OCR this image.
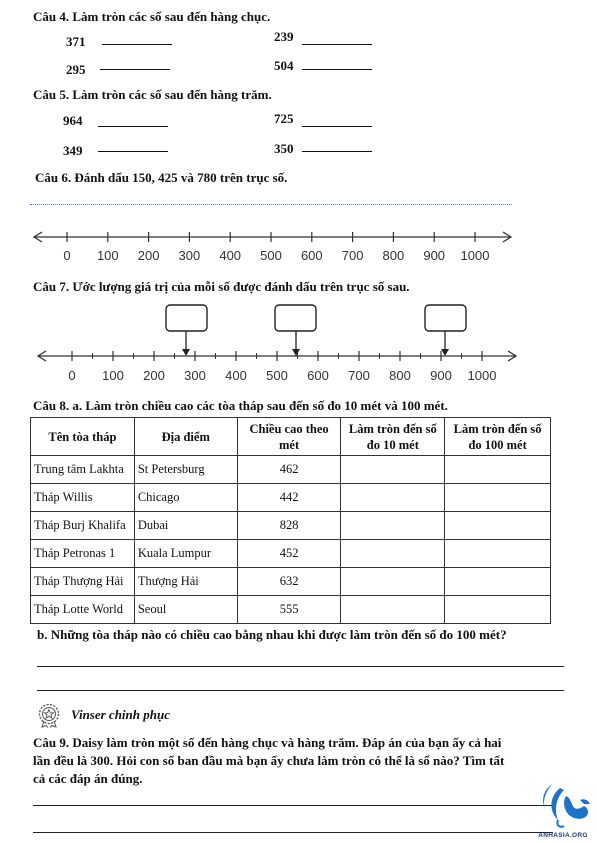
Câu 4. Làm tròn các số sau đến hàng chục.
371	239
295	504
Câu 5. Làm tròn các số sau đến hàng trăm.
964	725
349	350
Câu 6. Đánh dấu 150, 425 và 780 trên trục số.
0 100 200 300 400 500 600 700 800 900 1000
Câu 7. Ước lượng giá trị của mỗi số được đánh dấu trên trục số sau.
0 100 200 300 400 500 600 700 800 900 1000
Câu 8. a. Làm tròn chiều cao các tòa tháp sau đến số đo 10 mét và 100 mét.
Tên tòa tháp	Địa điểm	Chiều cao theo mét	Làm tròn đến số đo 10 mét	Làm tròn đến số đo 100 mét
Trung tâm Lakhta	St Petersburg	462		
Tháp Willis	Chicago	442		
Tháp Burj Khalifa	Dubai	828		
Tháp Petronas 1	Kuala Lumpur	452		
Tháp Thượng Hải	Thượng Hải	632		
Tháp Lotte World	Seoul	555		
b. Những tòa tháp nào có chiều cao bằng nhau khi được làm tròn đến số đo 100 mét?
Vinser chinh phục
Câu 9. Daisy làm tròn một số đến hàng chục và hàng trăm. Đáp án của bạn ấy cả hai
lần đều là 300. Hỏi con số ban đầu mà bạn ấy chưa làm tròn có thể là số nào? Tìm tất
cả các đáp án đúng.
ANHASIA.ORG
